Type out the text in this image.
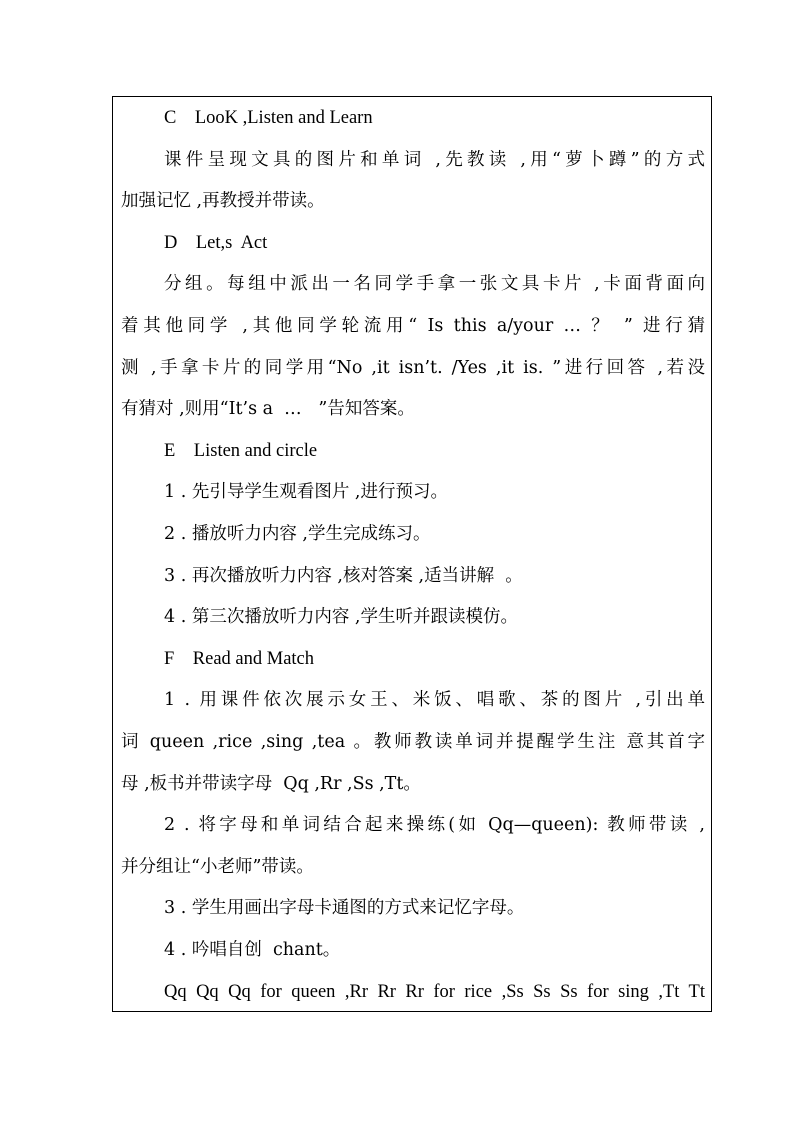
C    LooK ,Listen and Learn
课件呈现文具的图片和单词 ,先教读 ,用“萝卜蹲”的方式
加强记忆 ,再教授并带读。
D    Let,s  Act
分组。每组中派出一名同学手拿一张文具卡片 ,卡面背面向
着其他同学 ,其他同学轮流用“ Is this a/your … ？ ” 进行猜
测 ,手拿卡片的同学用“No ,it isn’t. /Yes ,it is. ”进行回答 ,若没
有猜对 ,则用“It’s a  …   ”告知答案。
E    Listen and circle
1 . 先引导学生观看图片 ,进行预习。
2 . 播放听力内容 ,学生完成练习。
3 . 再次播放听力内容 ,核对答案 ,适当讲解  。
4 . 第三次播放听力内容 ,学生听并跟读模仿。
F    Read and Match
1 . 用课件依次展示女王、米饭、唱歌、茶的图片 ,引出单
词 queen ,rice ,sing ,tea 。教师教读单词并提醒学生注 意其首字
母 ,板书并带读字母  Qq ,Rr ,Ss ,Tt。
2 . 将字母和单词结合起来操练(如 Qq—queen): 教师带读 ,
并分组让“小老师”带读。
3 . 学生用画出字母卡通图的方式来记忆字母。
4 . 吟唱自创  chant。
Qq Qq Qq for queen ,Rr Rr Rr for rice ,Ss Ss Ss for sing ,Tt Tt
